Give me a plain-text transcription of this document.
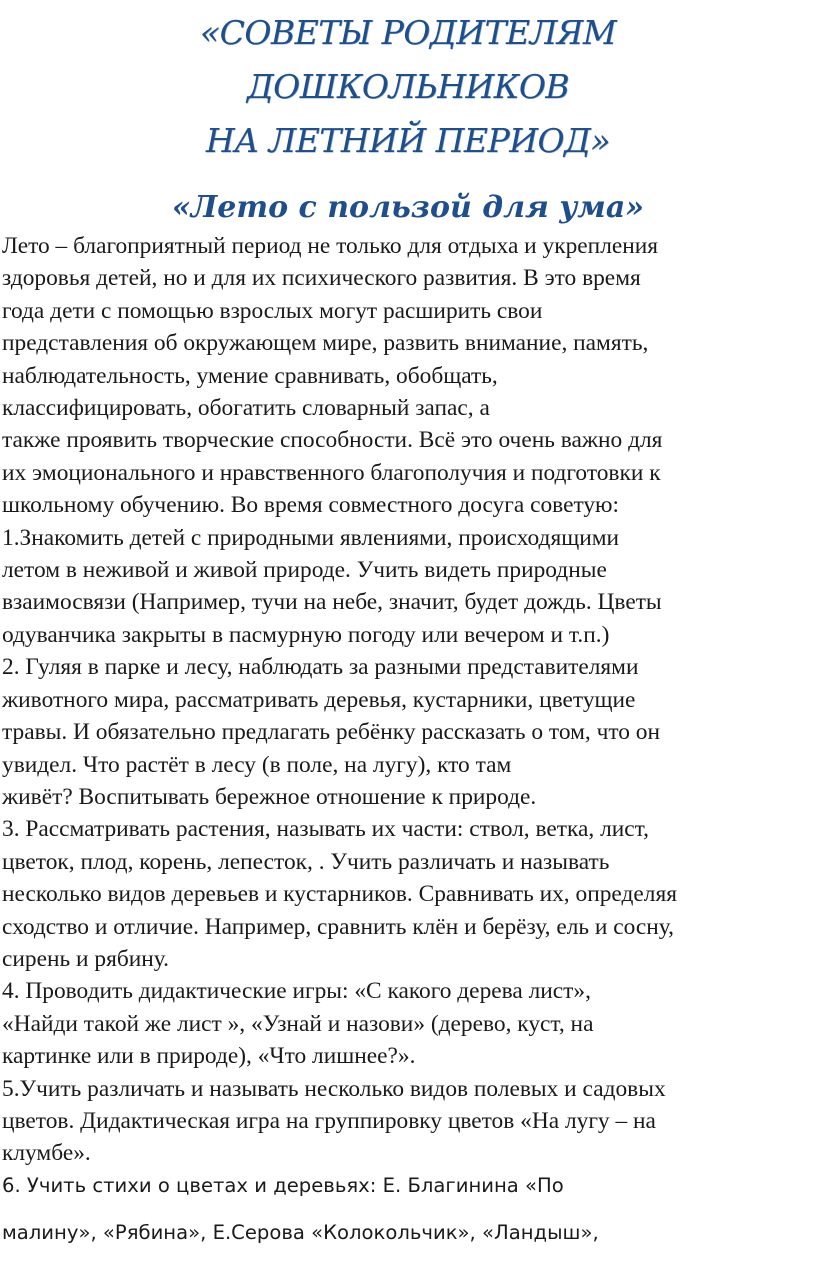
«СОВЕТЫ РОДИТЕЛЯМ
ДОШКОЛЬНИКОВ
НА ЛЕТНИЙ ПЕРИОД»
«Лето с пользой для ума»

Лето – благоприятный период не только для отдыха и укрепления

здоровья детей, но и для их психического развития. В это время

года дети с помощью взрослых могут расширить свои

представления об окружающем мире, развить внимание, память,

наблюдательность, умение сравнивать, обобщать,

классифицировать, обогатить словарный запас, а

также проявить творческие способности. Всё это очень важно для

их эмоционального и нравственного благополучия и подготовки к

школьному обучению. Во время совместного досуга советую:

1.Знакомить детей с природными явлениями, происходящими

летом в неживой и живой природе. Учить видеть природные

взаимосвязи (Например, тучи на небе, значит, будет дождь. Цветы

одуванчика закрыты в пасмурную погоду или вечером и т.п.)

2. Гуляя в парке и лесу, наблюдать за разными представителями

животного мира, рассматривать деревья, кустарники, цветущие

травы. И обязательно предлагать ребёнку рассказать о том, что он

увидел. Что растёт в лесу (в поле, на лугу), кто там

живёт? Воспитывать бережное отношение к природе.

3. Рассматривать растения, называть их части: ствол, ветка, лист,

цветок, плод, корень, лепесток, . Учить различать и называть

несколько видов деревьев и кустарников. Сравнивать их, определяя

сходство и отличие. Например, сравнить клён и берёзу, ель и сосну,

сирень и рябину.

4. Проводить дидактические игры: «С какого дерева лист»,

«Найди такой же лист », «Узнай и назови» (дерево, куст, на

картинке или в природе), «Что лишнее?».

5.Учить различать и называть несколько видов полевых и садовых

цветов. Дидактическая игра на группировку цветов «На лугу – на

клумбе».

6. Учить стихи о цветах и деревьях: Е. Благинина «По

малину», «Рябина», Е.Серова «Колокольчик», «Ландыш»,
